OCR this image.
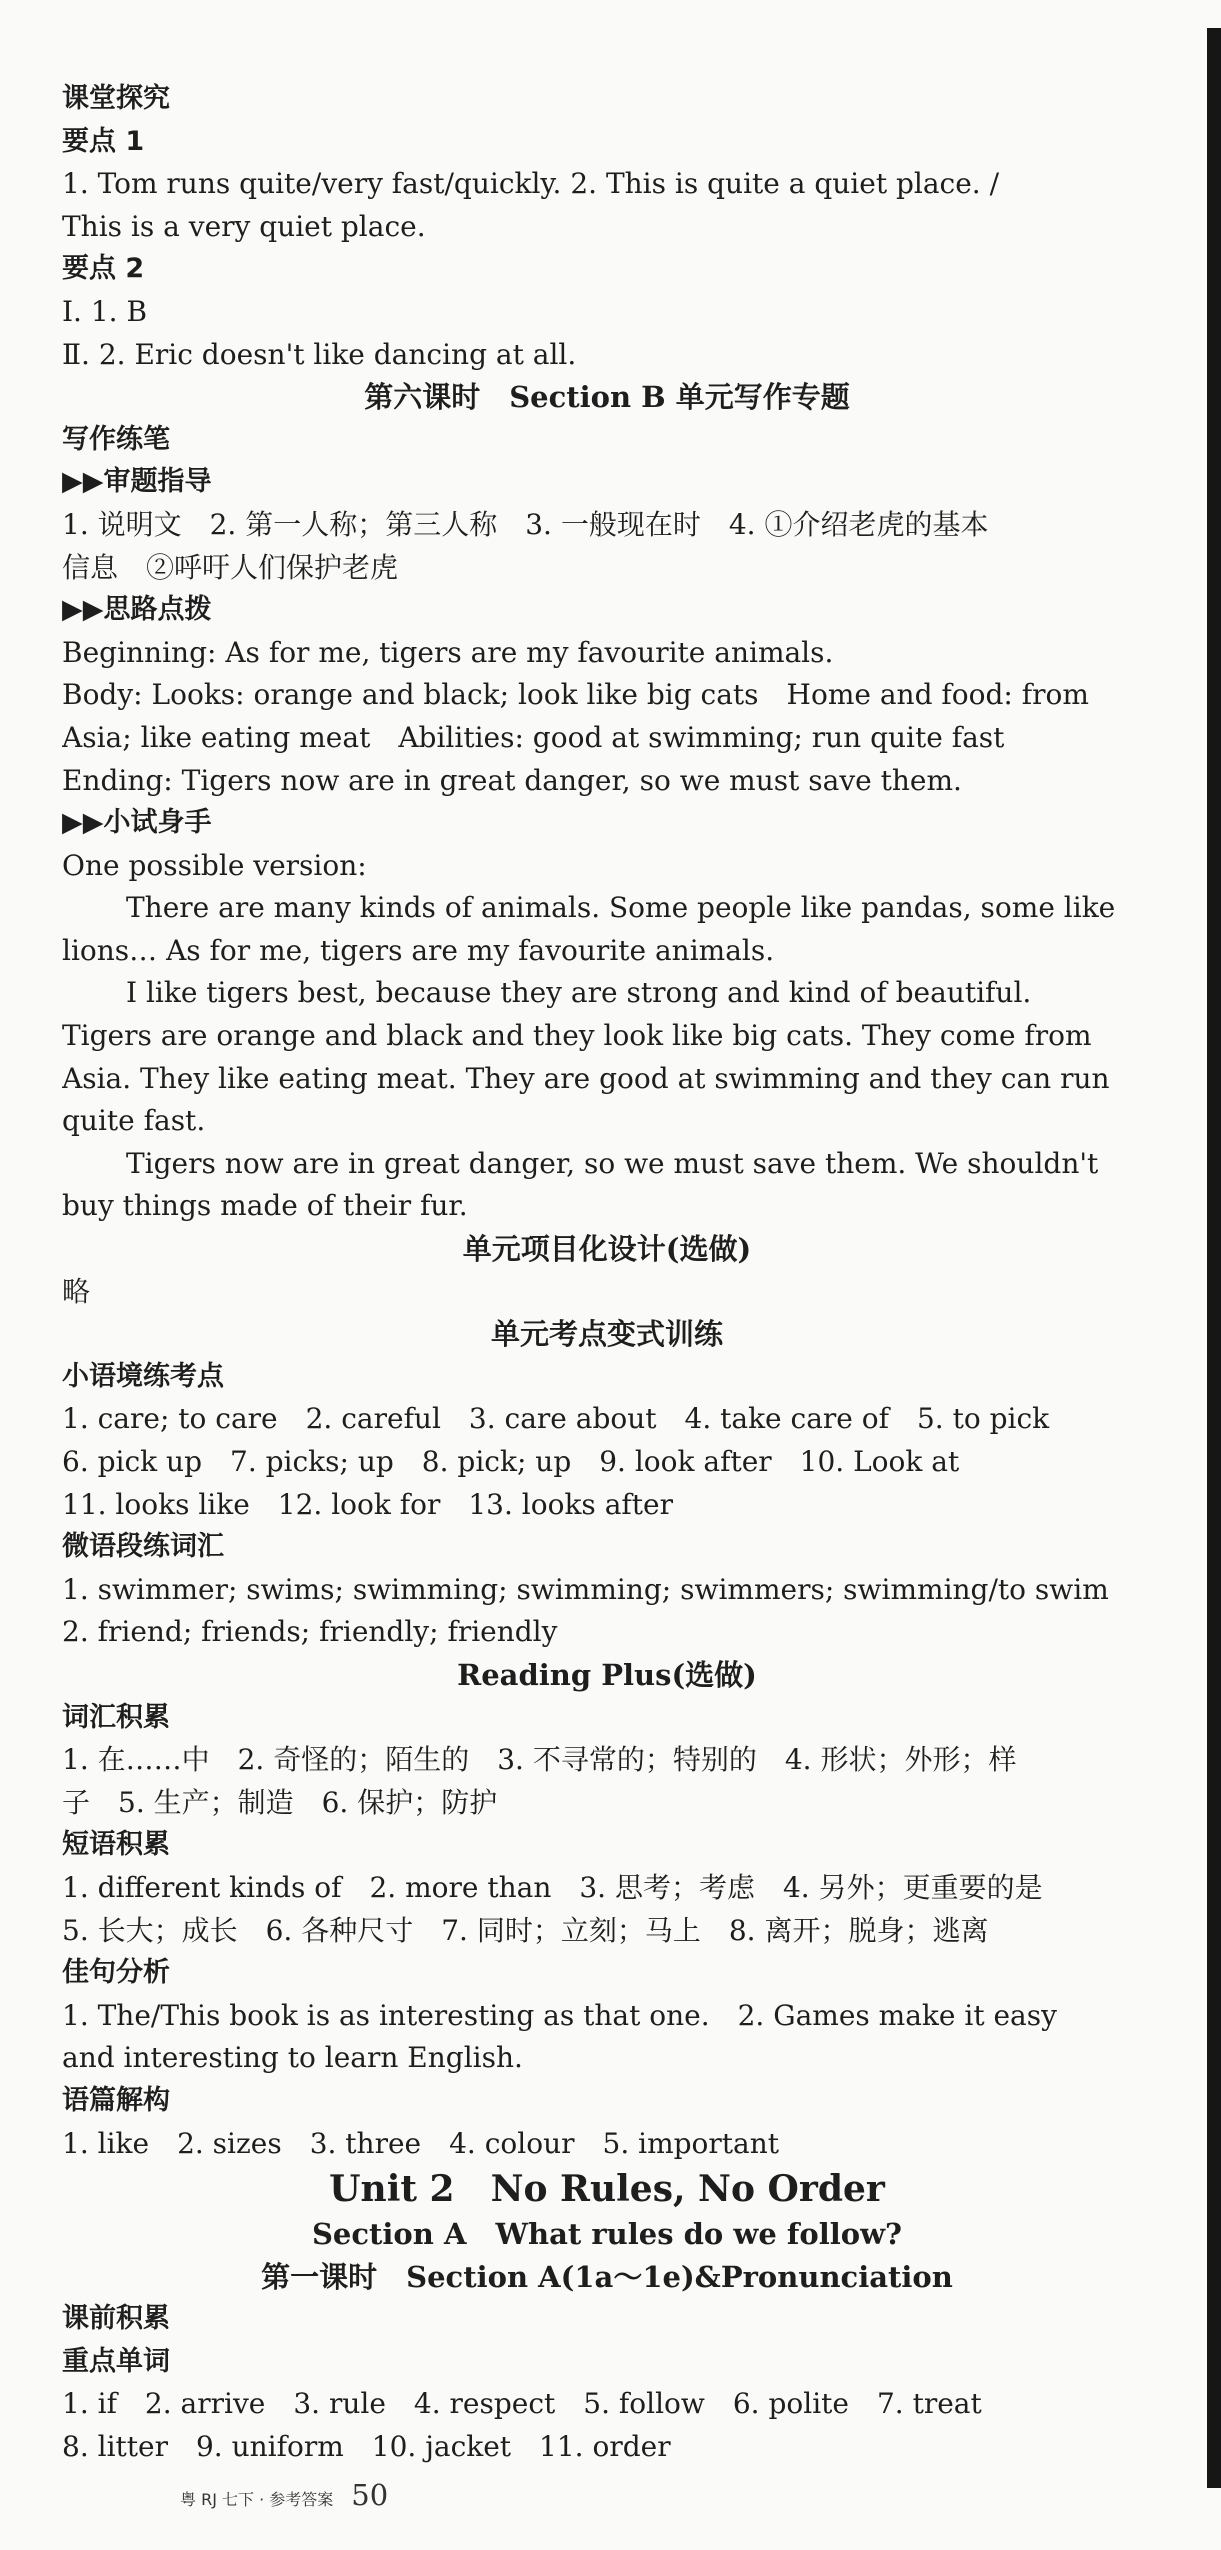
课堂探究
要点 1
1. Tom runs quite/very fast/quickly. 2. This is quite a quiet place. /
This is a very quiet place.
要点 2
Ⅰ. 1. B
Ⅱ. 2. Eric doesn't like dancing at all.
第六课时　Section B 单元写作专题
写作练笔
▶▶审题指导
1. 说明文　2. 第一人称；第三人称　3. 一般现在时　4. ①介绍老虎的基本
信息　②呼吁人们保护老虎
▶▶思路点拨
Beginning: As for me, tigers are my favourite animals.
Body: Looks: orange and black; look like big cats　Home and food: from
Asia; like eating meat　Abilities: good at swimming; run quite fast
Ending: Tigers now are in great danger, so we must save them.
▶▶小试身手
One possible version:
There are many kinds of animals. Some people like pandas, some like
lions… As for me, tigers are my favourite animals.
I like tigers best, because they are strong and kind of beautiful.
Tigers are orange and black and they look like big cats. They come from
Asia. They like eating meat. They are good at swimming and they can run
quite fast.
Tigers now are in great danger, so we must save them. We shouldn't
buy things made of their fur.
单元项目化设计(选做)
略
单元考点变式训练
小语境练考点
1. care; to care　2. careful　3. care about　4. take care of　5. to pick
6. pick up　7. picks; up　8. pick; up　9. look after　10. Look at
11. looks like　12. look for　13. looks after
微语段练词汇
1. swimmer; swims; swimming; swimming; swimmers; swimming/to swim
2. friend; friends; friendly; friendly
Reading Plus(选做)
词汇积累
1. 在……中　2. 奇怪的；陌生的　3. 不寻常的；特别的　4. 形状；外形；样
子　5. 生产；制造　6. 保护；防护
短语积累
1. different kinds of　2. more than　3. 思考；考虑　4. 另外；更重要的是
5. 长大；成长　6. 各种尺寸　7. 同时；立刻；马上　8. 离开；脱身；逃离
佳句分析
1. The/This book is as interesting as that one.　2. Games make it easy
and interesting to learn English.
语篇解构
1. like　2. sizes　3. three　4. colour　5. important
Unit 2　No Rules, No Order
Section A　What rules do we follow?
第一课时　Section A(1a～1e)&Pronunciation
课前积累
重点单词
1. if　2. arrive　3. rule　4. respect　5. follow　6. polite　7. treat
8. litter　9. uniform　10. jacket　11. order
粤 RJ 七下 · 参考答案 50
